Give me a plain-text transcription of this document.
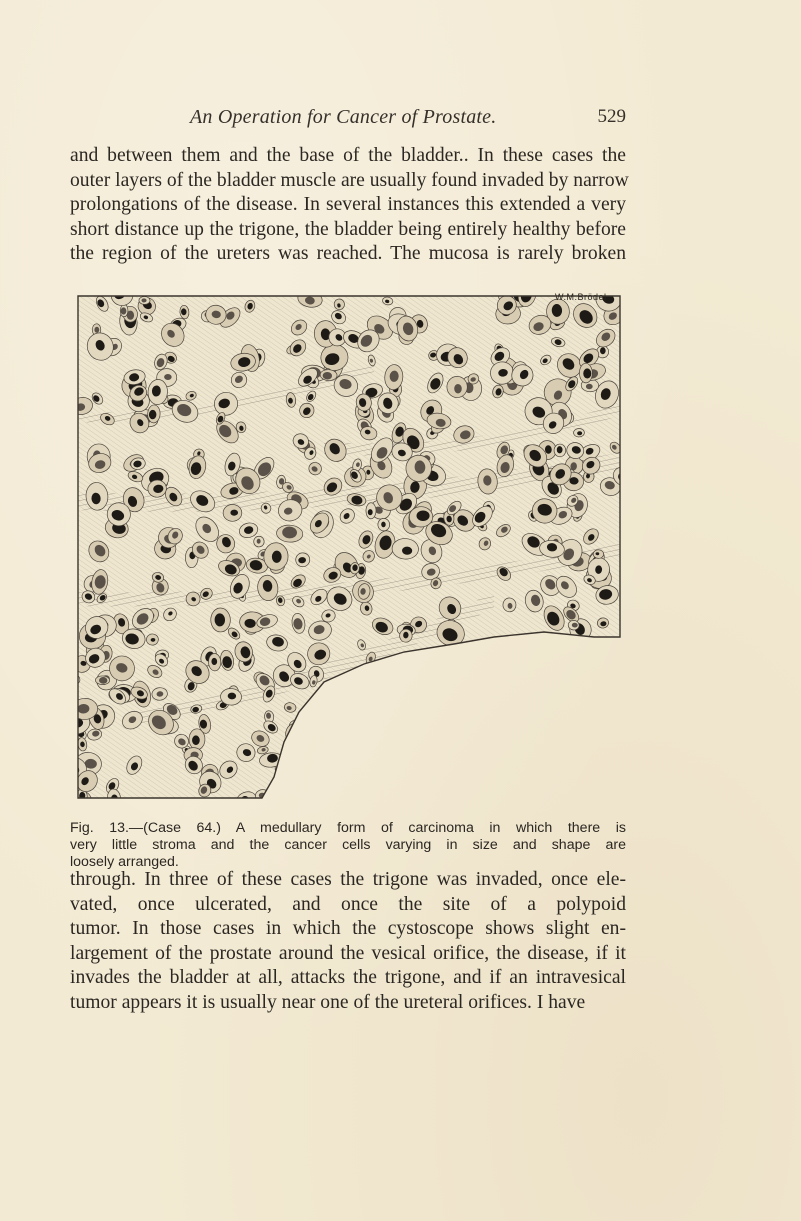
An Operation for Cancer of Prostate.	529
and between them and the base of the bladder.. In these cases the
outer layers of the bladder muscle are usually found invaded by narrow
prolongations of the disease. In several instances this extended a very
short distance up the trigone, the bladder being entirely healthy before
the region of the ureters was reached. The mucosa is rarely broken
W.M.Brödel
Fig. 13.—(Case 64.) A medullary form of carcinoma in which there is
very little stroma and the cancer cells varying in size and shape are
loosely arranged.
through. In three of these cases the trigone was invaded, once ele-
vated, once ulcerated, and once the site of a polypoid
tumor. In those cases in which the cystoscope shows slight en-
largement of the prostate around the vesical orifice, the disease, if it
invades the bladder at all, attacks the trigone, and if an intravesical
tumor appears it is usually near one of the ureteral orifices. I have
